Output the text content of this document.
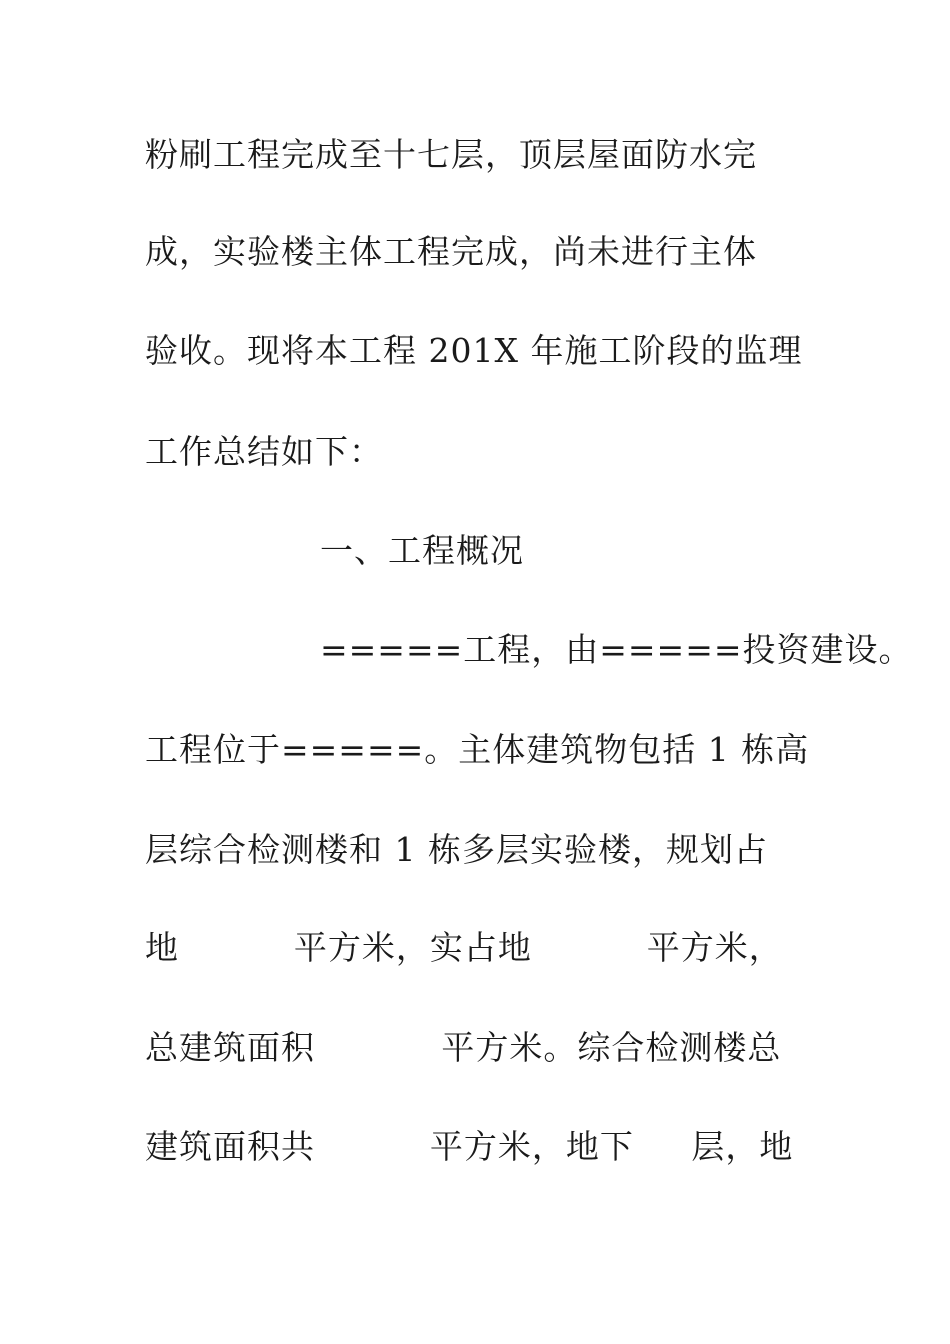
粉刷工程完成至十七层，顶层屋面防水完
成，实验楼主体工程完成，尚未进行主体
验收。现将本工程 201X 年施工阶段的监理
工作总结如下：
一、工程概况
=====工程，由=====投资建设。
工程位于=====。主体建筑物包括 1 栋高
层综合检测楼和 1 栋多层实验楼，规划占
地          平方米，实占地          平方米，
总建筑面积           平方米。综合检测楼总
建筑面积共          平方米，地下     层，地
